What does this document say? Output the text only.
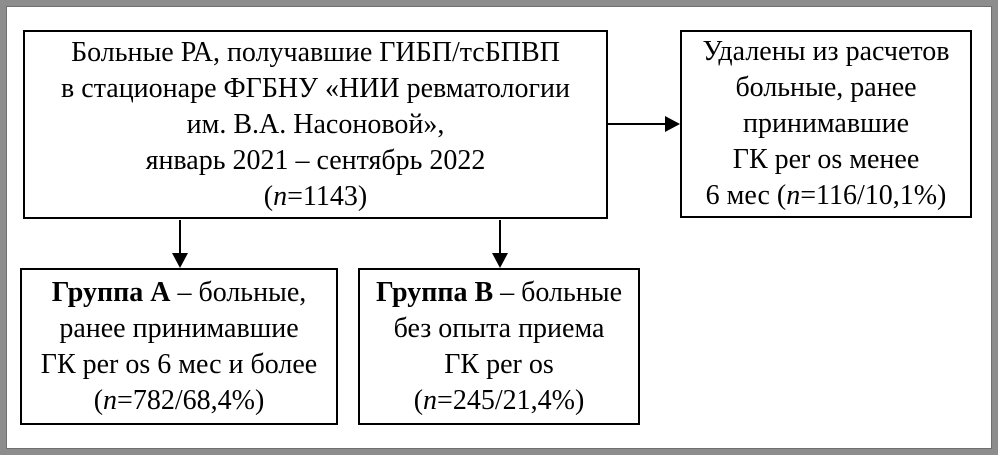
Больные РА, получавшие ГИБП/тсБПВП
в стационаре ФГБНУ «НИИ ревматологии
им. В.А. Насоновой»,
январь 2021 – сентябрь 2022
(n=1143)
Удалены из расчетов
больные, ранее
принимавшие
ГК per os менее
6 мес (n=116/10,1%)
Группа А – больные,
ранее принимавшие
ГК per os 6 мес и более
(n=782/68,4%)
Группа В – больные
без опыта приема
ГК per os
(n=245/21,4%)
